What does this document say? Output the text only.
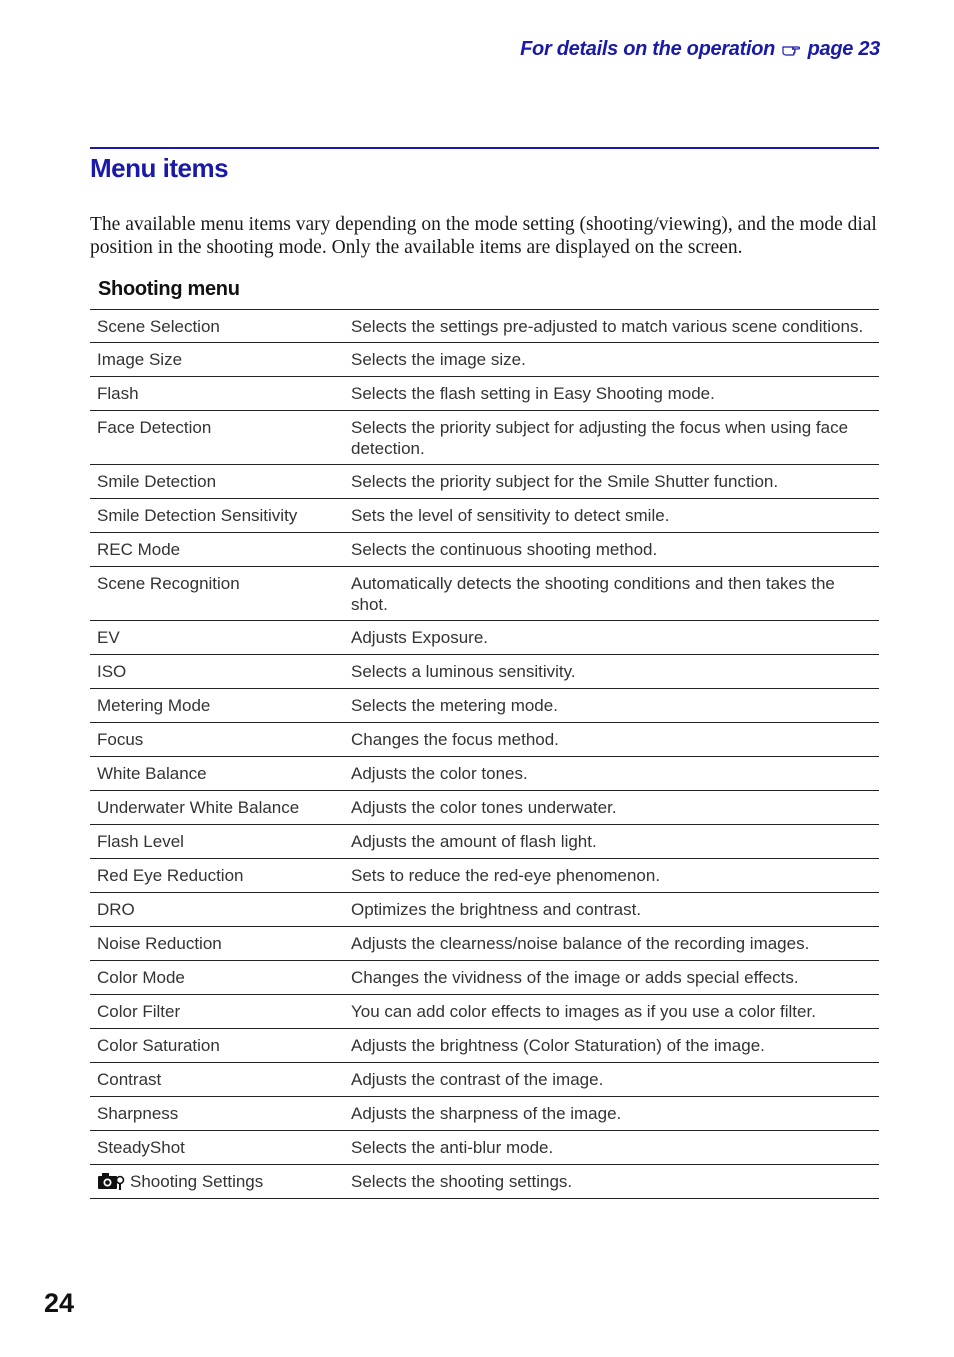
For details on the operation page 23
Menu items

The available menu items vary depending on the mode setting (shooting/viewing), and the mode dial position in the shooting mode. Only the available items are displayed on the screen.

Shooting menu
Scene Selection	Selects the settings pre-adjusted to match various scene conditions.
Image Size	Selects the image size.
Flash	Selects the flash setting in Easy Shooting mode.
Face Detection	Selects the priority subject for adjusting the focus when using face detection.
Smile Detection	Selects the priority subject for the Smile Shutter function.
Smile Detection Sensitivity	Sets the level of sensitivity to detect smile.
REC Mode	Selects the continuous shooting method.
Scene Recognition	Automatically detects the shooting conditions and then takes the shot.
EV	Adjusts Exposure.
ISO	Selects a luminous sensitivity.
Metering Mode	Selects the metering mode.
Focus	Changes the focus method.
White Balance	Adjusts the color tones.
Underwater White Balance	Adjusts the color tones underwater.
Flash Level	Adjusts the amount of flash light.
Red Eye Reduction	Sets to reduce the red-eye phenomenon.
DRO	Optimizes the brightness and contrast.
Noise Reduction	Adjusts the clearness/noise balance of the recording images.
Color Mode	Changes the vividness of the image or adds special effects.
Color Filter	You can add color effects to images as if you use a color filter.
Color Saturation	Adjusts the brightness (Color Staturation) of the image.
Contrast	Adjusts the contrast of the image.
Sharpness	Adjusts the sharpness of the image.
SteadyShot	Selects the anti-blur mode.
Shooting Settings	Selects the shooting settings.
24
